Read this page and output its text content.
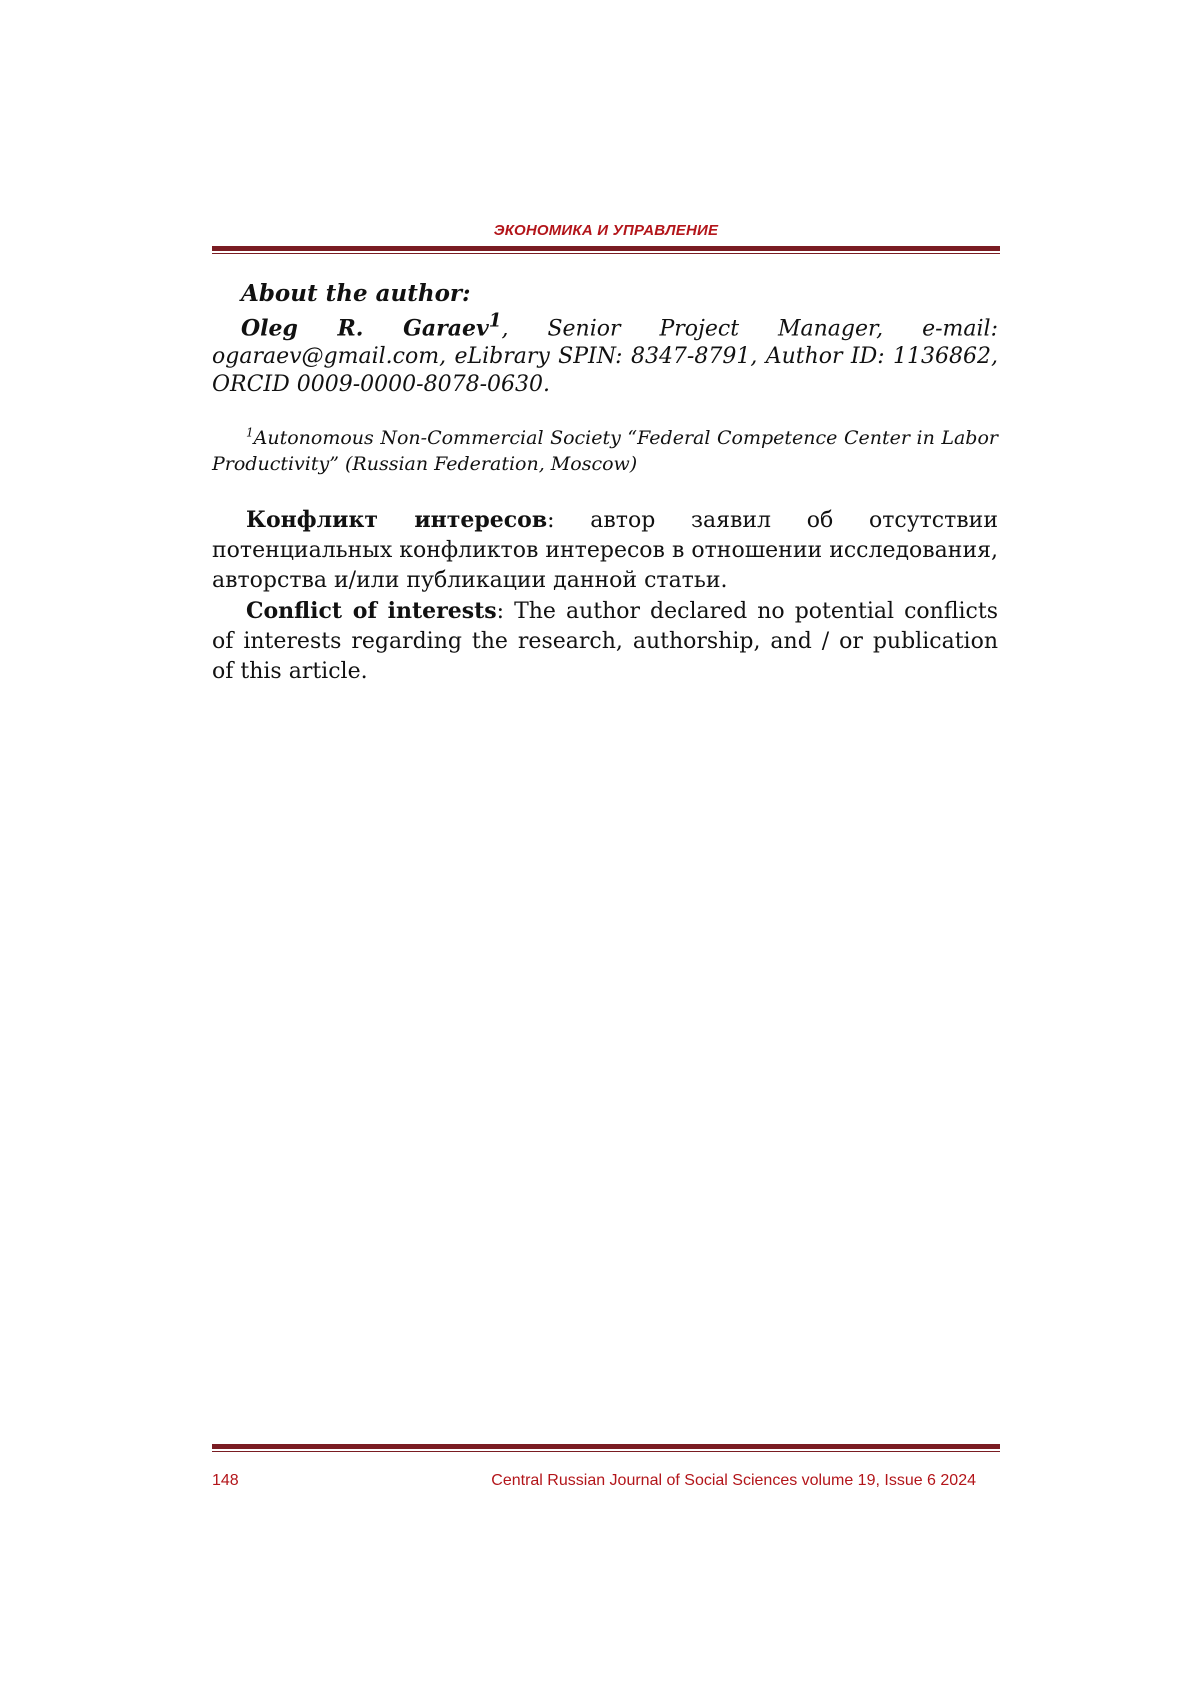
ЭКОНОМИКА И УПРАВЛЕНИЕ

About the author:

Oleg R. Garaev$^1$, Senior Project Manager, e-mail: ogaraev@gmail.com, eLibrary SPIN: 8347-8791, Author ID: 1136862, ORCID 0009-0000-8078-0630.

$^1$Autonomous Non-Commercial Society “Federal Competence Center in Labor Productivity” (Russian Federation, Moscow)

Конфликт интересов: автор заявил об отсутствии потенциальных конфликтов интересов в отношении исследования, авторства и/или публикации данной статьи.

Conflict of interests: The author declared no potential conflicts of interests regarding the research, authorship, and / or publication of this article.

148	Central Russian Journal of Social Sciences volume 19, Issue 6 2024
